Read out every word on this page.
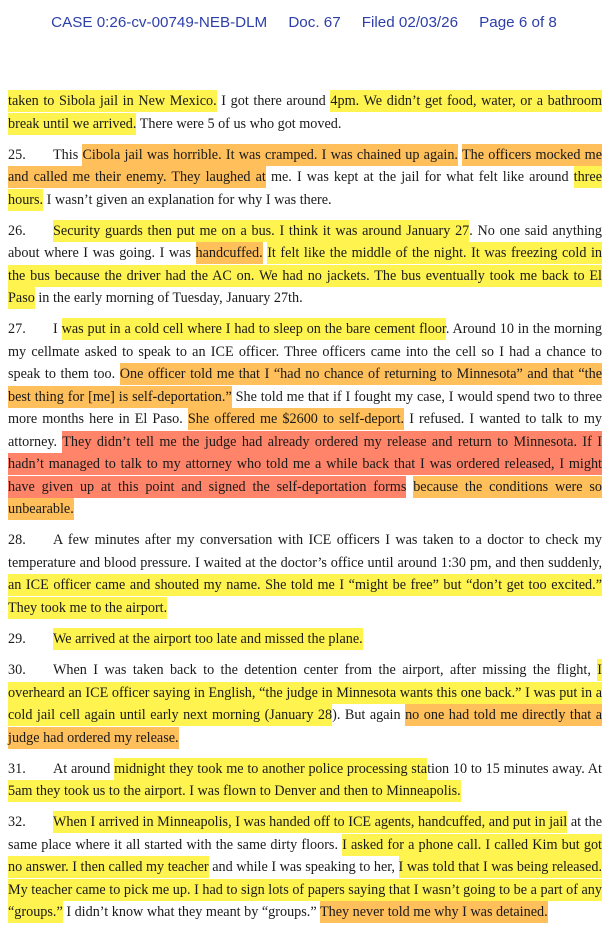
CASE 0:26-cv-00749-NEB-DLM Doc. 67 Filed 02/03/26 Page 6 of 8

taken to Sibola jail in New Mexico. I got there around 4pm. We didn’t get food, water, or a bathroom break until we arrived. There were 5 of us who got moved.

25. This Cibola jail was horrible. It was cramped. I was chained up again. The officers mocked me and called me their enemy. They laughed at me. I was kept at the jail for what felt like around three hours. I wasn’t given an explanation for why I was there.

26. Security guards then put me on a bus. I think it was around January 27. No one said anything about where I was going. I was handcuffed. It felt like the middle of the night. It was freezing cold in the bus because the driver had the AC on. We had no jackets. The bus eventually took me back to El Paso in the early morning of Tuesday, January 27th.

27. I was put in a cold cell where I had to sleep on the bare cement floor. Around 10 in the morning my cellmate asked to speak to an ICE officer. Three officers came into the cell so I had a chance to speak to them too. One officer told me that I “had no chance of returning to Minnesota” and that “the best thing for [me] is self-deportation.” She told me that if I fought my case, I would spend two to three more months here in El Paso. She offered me $2600 to self-deport. I refused. I wanted to talk to my attorney. They didn’t tell me the judge had already ordered my release and return to Minnesota. If I hadn’t managed to talk to my attorney who told me a while back that I was ordered released, I might have given up at this point and signed the self-deportation forms because the conditions were so unbearable.

28. A few minutes after my conversation with ICE officers I was taken to a doctor to check my temperature and blood pressure. I waited at the doctor’s office until around 1:30 pm, and then suddenly, an ICE officer came and shouted my name. She told me I “might be free” but “don’t get too excited.” They took me to the airport.

29. We arrived at the airport too late and missed the plane.

30. When I was taken back to the detention center from the airport, after missing the flight, I overheard an ICE officer saying in English, “the judge in Minnesota wants this one back.” I was put in a cold jail cell again until early next morning (January 28). But again no one had told me directly that a judge had ordered my release.

31. At around midnight they took me to another police processing station 10 to 15 minutes away. At 5am they took us to the airport. I was flown to Denver and then to Minneapolis.

32. When I arrived in Minneapolis, I was handed off to ICE agents, handcuffed, and put in jail at the same place where it all started with the same dirty floors. I asked for a phone call. I called Kim but got no answer. I then called my teacher and while I was speaking to her, I was told that I was being released. My teacher came to pick me up. I had to sign lots of papers saying that I wasn’t going to be a part of any “groups.” I didn’t know what they meant by “groups.” They never told me why I was detained.
